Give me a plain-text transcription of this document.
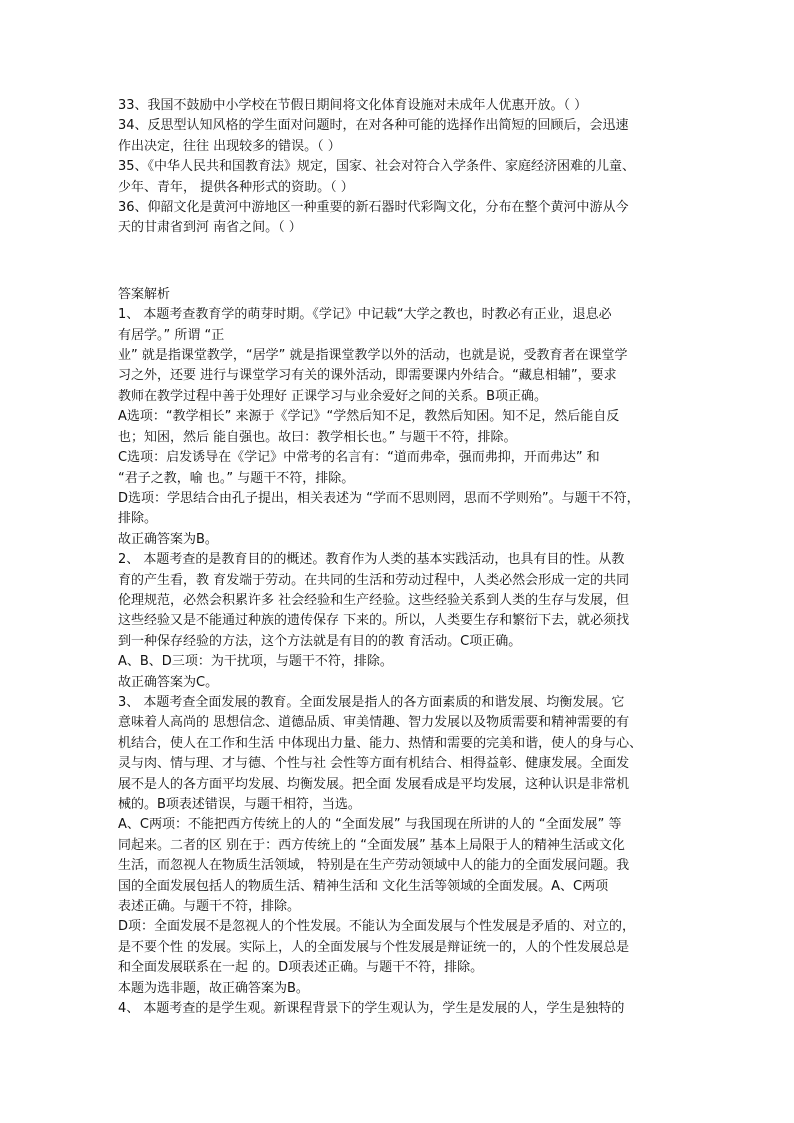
33、我国不鼓励中小学校在节假日期间将文化体育设施对未成年人优惠开放。（ ）

34、反思型认知风格的学生面对问题时，在对各种可能的选择作出简短的回顾后，会迅速

作出决定，往往 出现较多的错误。（ ）

35、《中华人民共和国教育法》规定，国家、社会对符合入学条件、家庭经济困难的儿童、

少年、青年， 提供各种形式的资助。（ ）

36、仰韶文化是黄河中游地区一种重要的新石器时代彩陶文化，分布在整个黄河中游从今

天的甘肃省到河 南省之间。（ ）

答案解析

1、 本题考查教育学的萌芽时期。《学记》中记载“大学之教也，时教必有正业，退息必

有居学。” 所谓 “正

业” 就是指课堂教学，“居学” 就是指课堂教学以外的活动，也就是说，受教育者在课堂学

习之外，还要 进行与课堂学习有关的课外活动，即需要课内外结合。“藏息相辅”，要求

教师在教学过程中善于处理好 正课学习与业余爱好之间的关系。B项正确。

A选项：“教学相长” 来源于《学记》“学然后知不足，教然后知困。知不足，然后能自反

也；知困，然后 能自强也。故曰：教学相长也。” 与题干不符，排除。

C选项：启发诱导在《学记》中常考的名言有：“道而弗牵，强而弗抑，开而弗达” 和

“君子之教，喻 也。” 与题干不符，排除。

D选项：学思结合由孔子提出，相关表述为 “学而不思则罔，思而不学则殆”。与题干不符，

排除。

故正确答案为B。

2、 本题考查的是教育目的的概述。教育作为人类的基本实践活动，也具有目的性。从教

育的产生看，教 育发端于劳动。在共同的生活和劳动过程中，人类必然会形成一定的共同

伦理规范，必然会积累许多 社会经验和生产经验。这些经验关系到人类的生存与发展，但

这些经验又是不能通过种族的遗传保存 下来的。所以，人类要生存和繁衍下去，就必须找

到一种保存经验的方法，这个方法就是有目的的教 育活动。C项正确。

A、B、D三项：为干扰项，与题干不符，排除。

故正确答案为C。

3、 本题考查全面发展的教育。全面发展是指人的各方面素质的和谐发展、均衡发展。它

意味着人高尚的 思想信念、道德品质、审美情趣、智力发展以及物质需要和精神需要的有

机结合，使人在工作和生活 中体现出力量、能力、热情和需要的完美和谐，使人的身与心、

灵与肉、情与理、才与德、个性与社 会性等方面有机结合、相得益彰、健康发展。全面发

展不是人的各方面平均发展、均衡发展。把全面 发展看成是平均发展，这种认识是非常机

械的。B项表述错误，与题干相符，当选。

A、C两项：不能把西方传统上的人的 “全面发展” 与我国现在所讲的人的 “全面发展” 等

同起来。二者的区 别在于：西方传统上的 “全面发展” 基本上局限于人的精神生活或文化

生活，而忽视人在物质生活领域， 特别是在生产劳动领域中人的能力的全面发展问题。我

国的全面发展包括人的物质生活、精神生活和 文化生活等领域的全面发展。A、C两项

表述正确。与题干不符，排除。

D项：全面发展不是忽视人的个性发展。不能认为全面发展与个性发展是矛盾的、对立的，

是不要个性 的发展。实际上，人的全面发展与个性发展是辩证统一的，人的个性发展总是

和全面发展联系在一起 的。D项表述正确。与题干不符，排除。

本题为选非题，故正确答案为B。

4、 本题考查的是学生观。新课程背景下的学生观认为，学生是发展的人，学生是独特的
